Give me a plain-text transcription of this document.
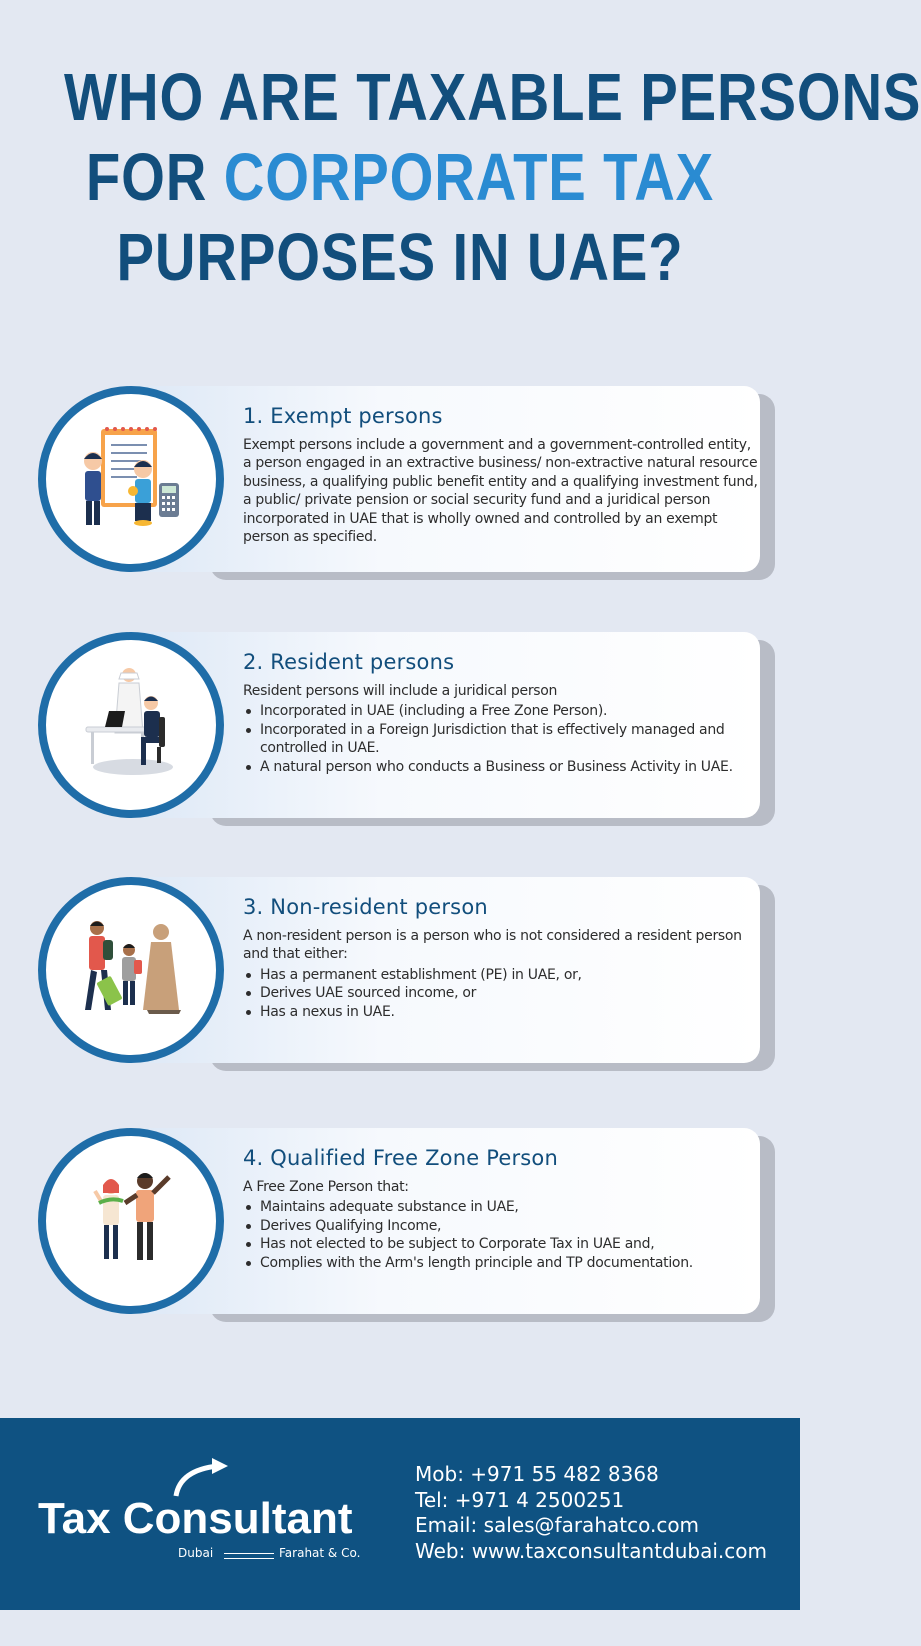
WHO ARE TAXABLE PERSONS
FOR CORPORATE TAX
PURPOSES IN UAE?
1. Exempt persons

Exempt persons include a government and a government-controlled entity, a person engaged in an extractive business/ non-extractive natural resource business, a qualifying public benefit entity and a qualifying investment fund, a public/ private pension or social security fund and a juridical person incorporated in UAE that is wholly owned and controlled by an exempt person as specified.

2. Resident persons

Resident persons will include a juridical person

Incorporated in UAE (including a Free Zone Person).
Incorporated in a Foreign Jurisdiction that is effectively managed and controlled in UAE.
A natural person who conducts a Business or Business Activity in UAE.
3. Non-resident person

A non-resident person is a person who is not considered a resident person and that either:

Has a permanent establishment (PE) in UAE, or,
Derives UAE sourced income, or
Has a nexus in UAE.
4. Qualified Free Zone Person

A Free Zone Person that:

Maintains adequate substance in UAE,
Derives Qualifying Income,
Has not elected to be subject to Corporate Tax in UAE and,
Complies with the Arm's length principle and TP documentation.
Tax Consultant
Dubai	Farahat & Co.
Mob: +971 55 482 8368
Tel: +971 4 2500251
Email: sales@farahatco.com
Web: www.taxconsultantdubai.com
